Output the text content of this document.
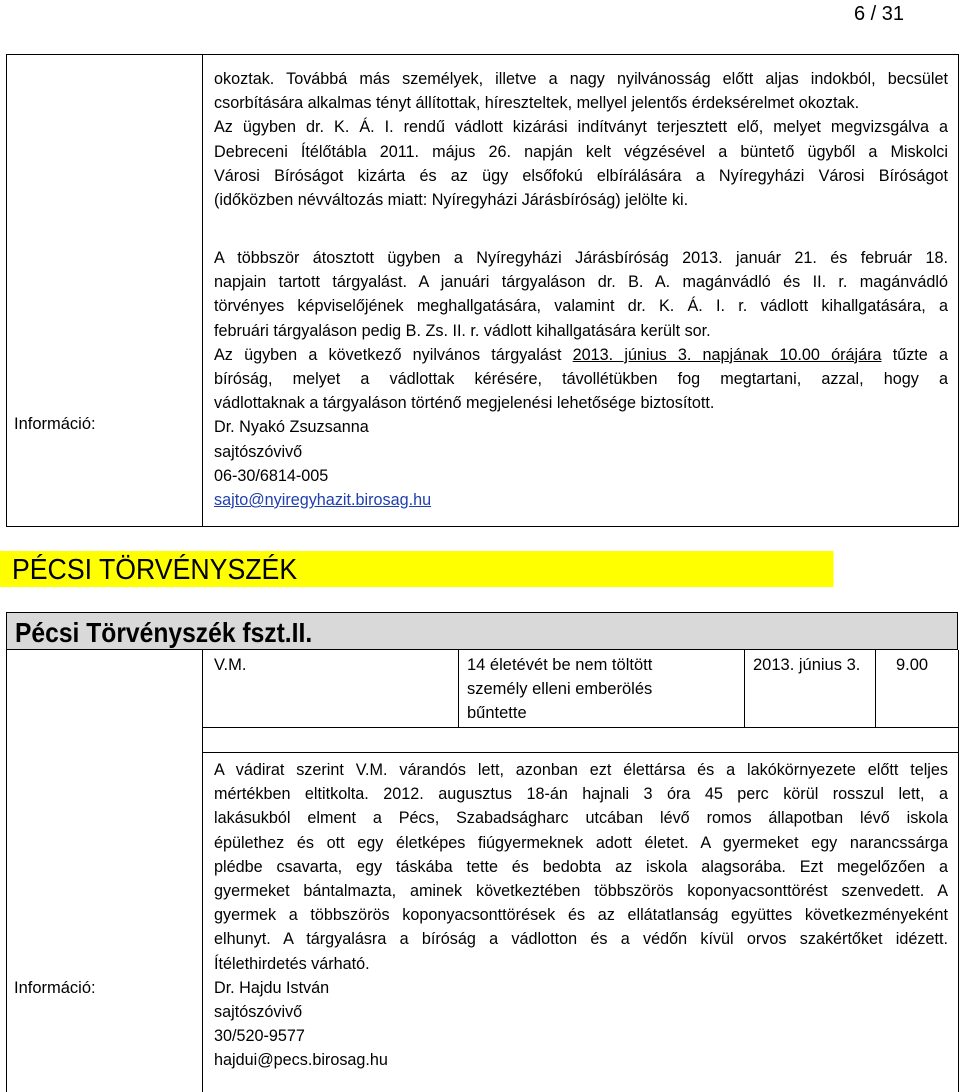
6 / 31
okoztak. Továbbá más személyek, illetve a nagy nyilvánosság előtt aljas indokból, becsület
csorbítására alkalmas tényt állítottak, híreszteltek, mellyel jelentős érdeksérelmet okoztak.
Az ügyben dr. K. Á. I. rendű vádlott kizárási indítványt terjesztett elő, melyet megvizsgálva a
Debreceni Ítélőtábla 2011. május 26. napján kelt végzésével a büntető ügyből a Miskolci
Városi Bíróságot kizárta és az ügy elsőfokú elbírálására a Nyíregyházi Városi Bíróságot
(időközben névváltozás miatt: Nyíregyházi Járásbíróság) jelölte ki.
A többször átosztott ügyben a Nyíregyházi Járásbíróság 2013. január 21. és február 18.
napjain tartott tárgyalást. A januári tárgyaláson dr. B. A. magánvádló és II. r. magánvádló
törvényes képviselőjének meghallgatására, valamint dr. K. Á. I. r. vádlott kihallgatására, a
februári tárgyaláson pedig B. Zs. II. r. vádlott kihallgatására került sor.
Az ügyben a következő nyilvános tárgyalást 2013. június 3. napjának 10.00 órájára tűzte a
bíróság, melyet a vádlottak kérésére, távollétükben fog megtartani, azzal, hogy a
vádlottaknak a tárgyaláson történő megjelenési lehetősége biztosított.
Dr. Nyakó Zsuzsanna
sajtószóvivő
06-30/6814-005
sajto@nyiregyhazit.birosag.hu
Információ:
PÉCSI TÖRVÉNYSZÉK
Pécsi Törvényszék fszt.II.
V.M.	14 életévét be nem töltött
személy elleni emberölés
bűntette
2013. június 3. 9.00
A vádirat szerint V.M. várandós lett, azonban ezt élettársa és a lakókörnyezete előtt teljes
mértékben eltitkolta. 2012. augusztus 18-án hajnali 3 óra 45 perc körül rosszul lett, a
lakásukból elment a Pécs, Szabadságharc utcában lévő romos állapotban lévő iskola
épülethez és ott egy életképes fiúgyermeknek adott életet. A gyermeket egy narancssárga
plédbe csavarta, egy táskába tette és bedobta az iskola alagsorába. Ezt megelőzően a
gyermeket bántalmazta, aminek következtében többszörös koponyacsonttörést szenvedett. A
gyermek a többszörös koponyacsonttörések és az ellátatlanság együttes következményeként
elhunyt. A tárgyalásra a bíróság a vádlotton és a védőn kívül orvos szakértőket idézett.
Ítélethirdetés várható.
Dr. Hajdu István
sajtószóvivő
30/520-9577
hajdui@pecs.birosag.hu
Információ:
